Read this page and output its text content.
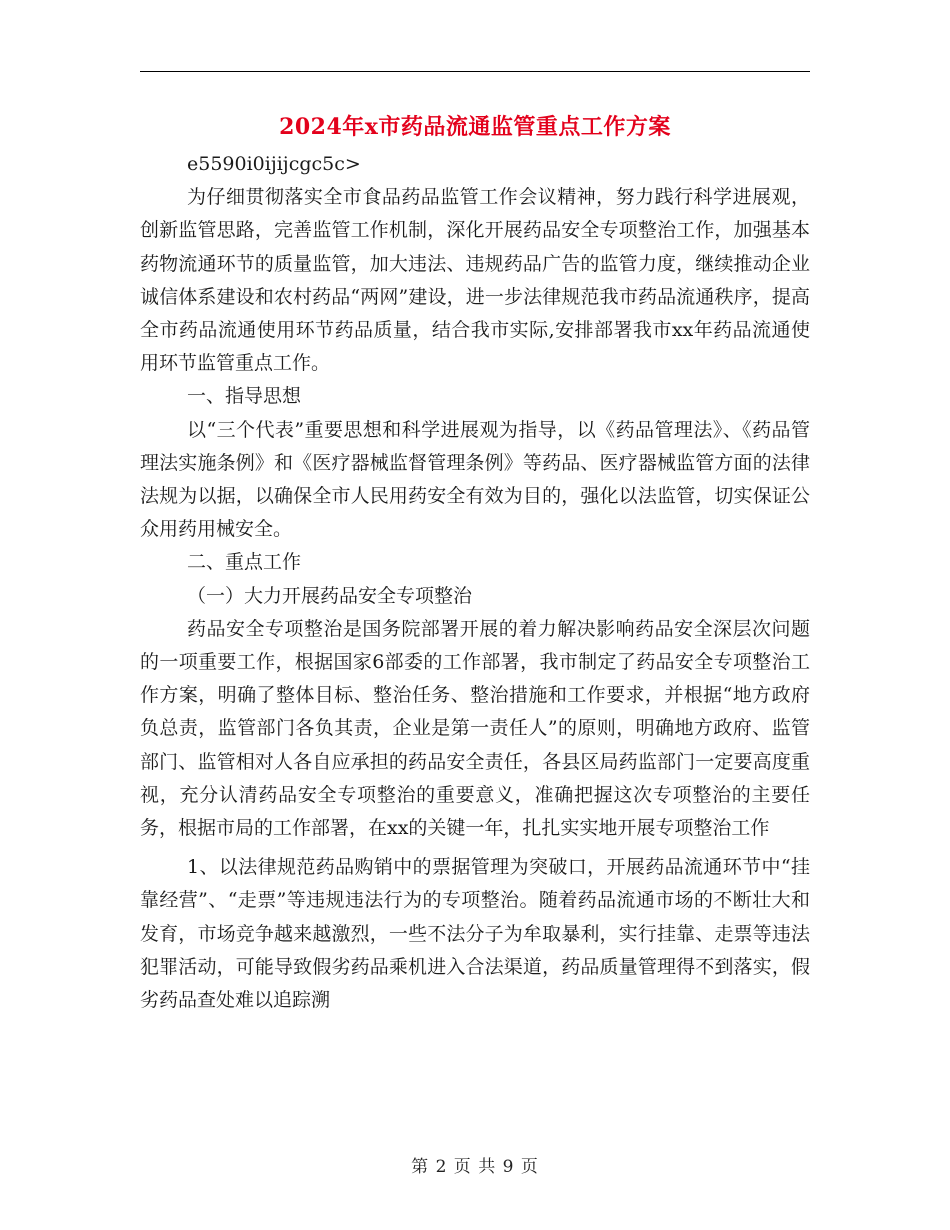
2024年x市药品流通监管重点工作方案

e5590i0ijijcgc5c>

为仔细贯彻落实全市食品药品监管工作会议精神，努力践行科学进展观，创新监管思路，完善监管工作机制，深化开展药品安全专项整治工作，加强基本药物流通环节的质量监管，加大违法、违规药品广告的监管力度，继续推动企业诚信体系建设和农村药品“两网”建设，进一步法律规范我市药品流通秩序，提高全市药品流通使用环节药品质量，结合我市实际,安排部署我市xx年药品流通使用环节监管重点工作。

一、指导思想

以“三个代表”重要思想和科学进展观为指导，以《药品管理法》、《药品管理法实施条例》和《医疗器械监督管理条例》等药品、医疗器械监管方面的法律法规为以据，以确保全市人民用药安全有效为目的，强化以法监管，切实保证公众用药用械安全。

二、重点工作

（一）大力开展药品安全专项整治

药品安全专项整治是国务院部署开展的着力解决影响药品安全深层次问题的一项重要工作，根据国家6部委的工作部署，我市制定了药品安全专项整治工作方案，明确了整体目标、整治任务、整治措施和工作要求，并根据“地方政府负总责，监管部门各负其责，企业是第一责任人”的原则，明确地方政府、监管部门、监管相对人各自应承担的药品安全责任，各县区局药监部门一定要高度重视，充分认清药品安全专项整治的重要意义，准确把握这次专项整治的主要任务，根据市局的工作部署，在xx的关键一年，扎扎实实地开展专项整治工作

1、以法律规范药品购销中的票据管理为突破口，开展药品流通环节中“挂靠经营”、“走票”等违规违法行为的专项整治。随着药品流通市场的不断壮大和发育，市场竞争越来越激烈，一些不法分子为牟取暴利，实行挂靠、走票等违法犯罪活动，可能导致假劣药品乘机进入合法渠道，药品质量管理得不到落实，假劣药品查处难以追踪溯

第 2 页 共 9 页
